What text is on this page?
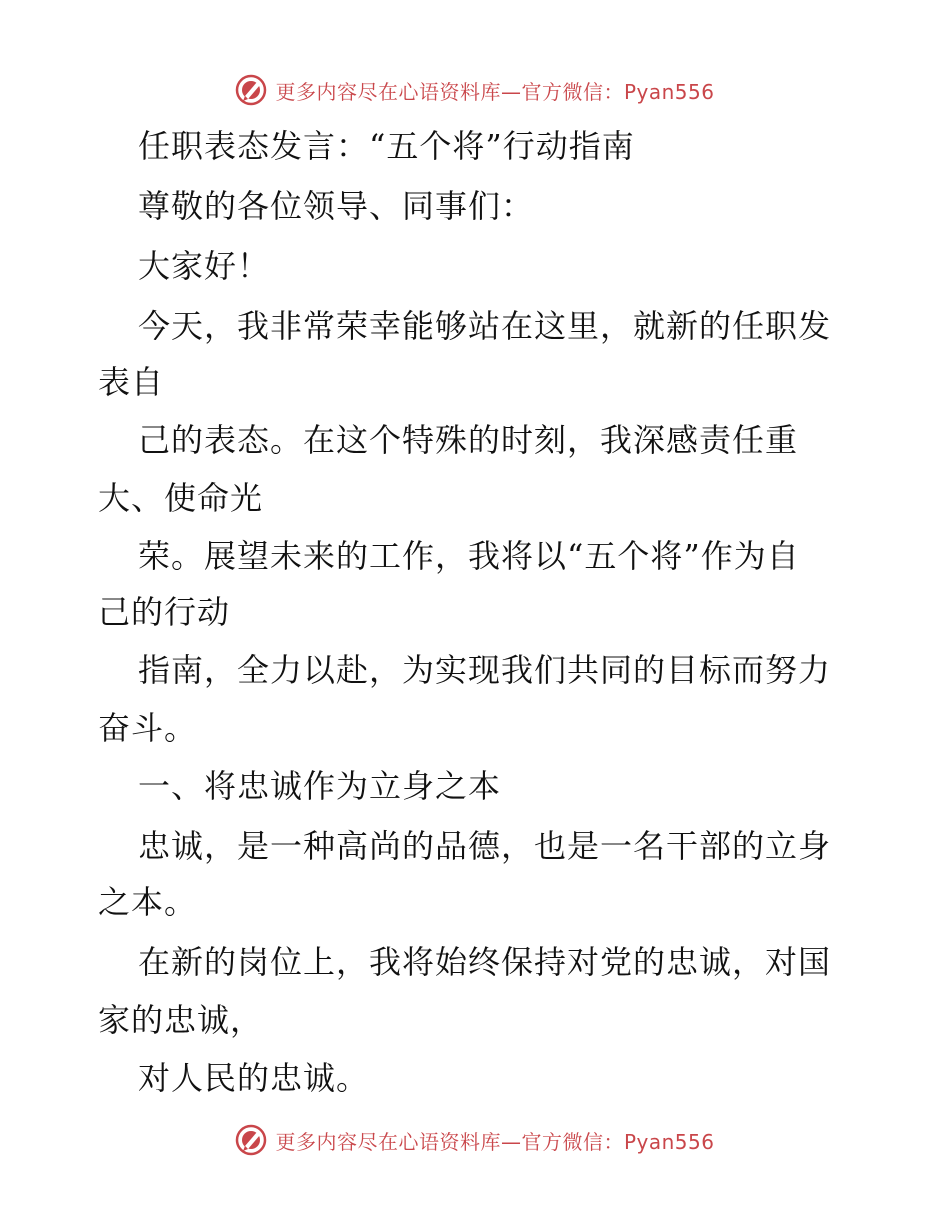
更多内容尽在心语资料库—官方微信：Pyan556
任职表态发言：“五个将”行动指南
尊敬的各位领导、同事们：
大家好！
今天，我非常荣幸能够站在这里，就新的任职发
表自
己的表态。在这个特殊的时刻，我深感责任重
大、使命光
荣。展望未来的工作，我将以“五个将”作为自
己的行动
指南，全力以赴，为实现我们共同的目标而努力
奋斗。
一、将忠诚作为立身之本
忠诚，是一种高尚的品德，也是一名干部的立身
之本。
在新的岗位上，我将始终保持对党的忠诚，对国
家的忠诚，
对人民的忠诚。
更多内容尽在心语资料库—官方微信：Pyan556
